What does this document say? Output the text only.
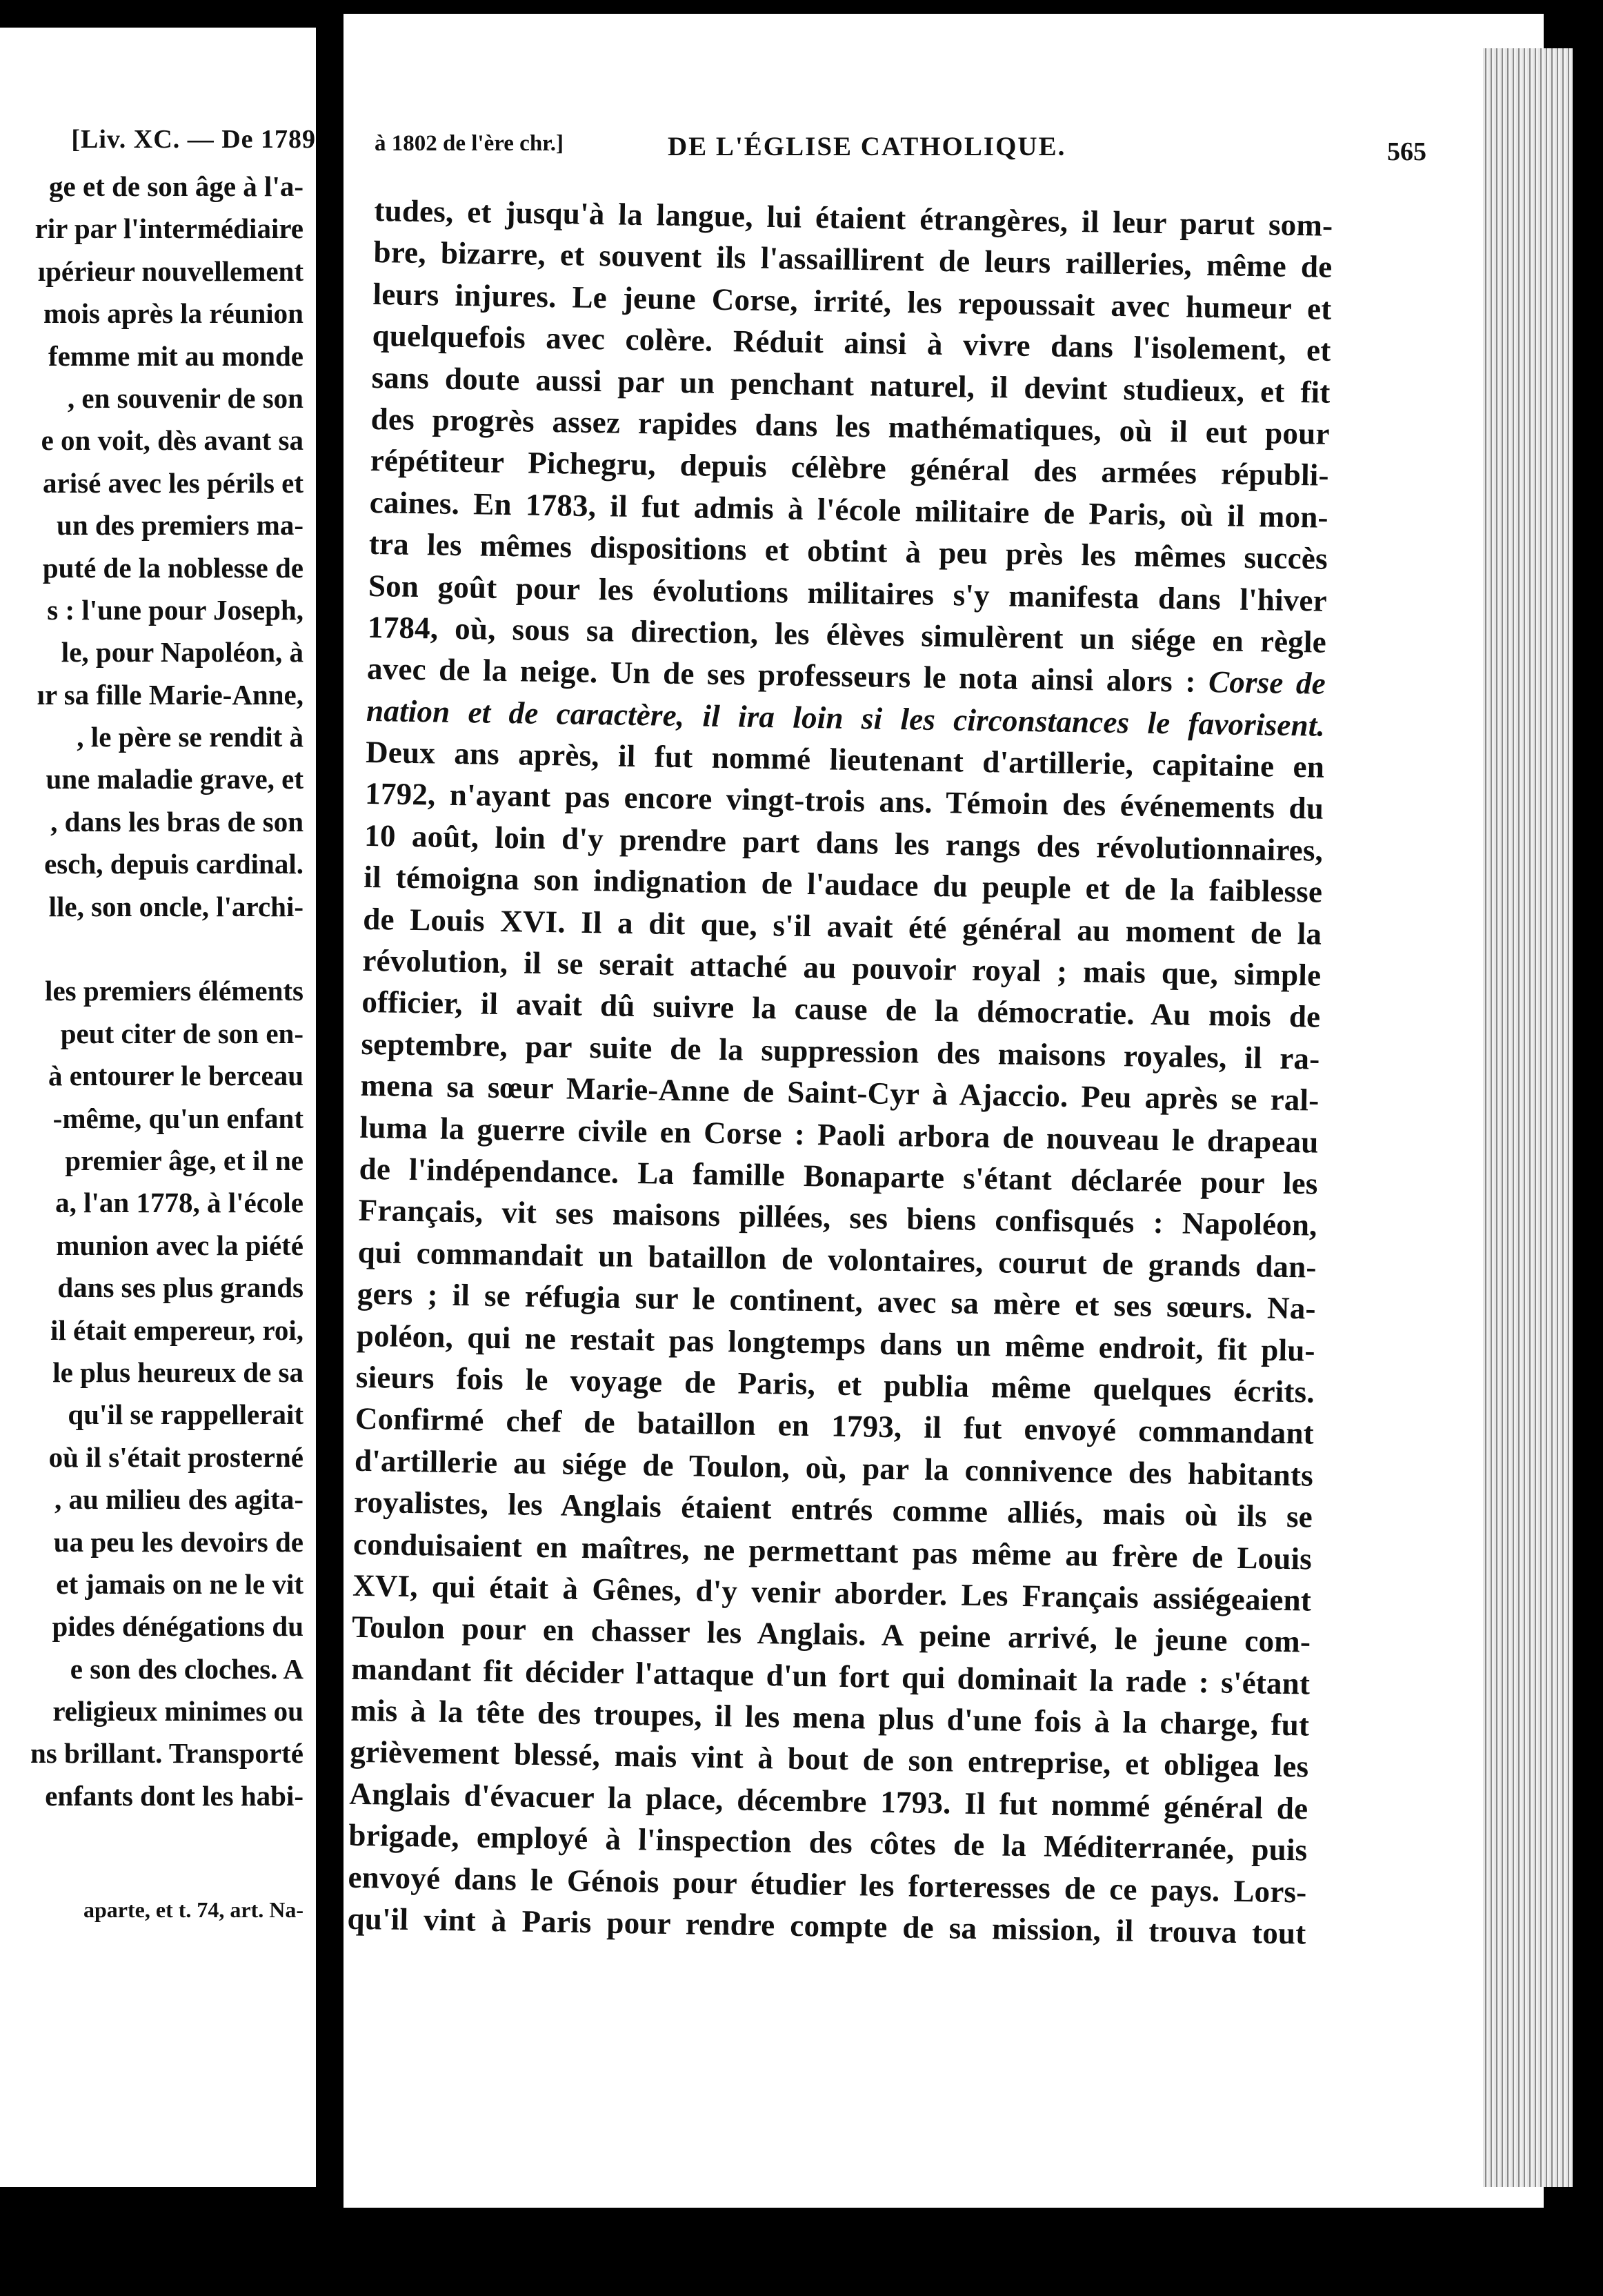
[Liv. XC. — De 1789
ge et de son âge à l'a-
rir par l'intermédiaire
ıpérieur nouvellement
mois après la réunion
femme mit au monde
, en souvenir de son
e on voit, dès avant sa
arisé avec les périls et
un des premiers ma-
puté de la noblesse de
s : l'une pour Joseph,
le, pour Napoléon, à
ır sa fille Marie-Anne,
, le père se rendit à
une maladie grave, et
, dans les bras de son
esch, depuis cardinal.
lle, son oncle, l'archi-
les premiers éléments
peut citer de son en-
à entourer le berceau
-même, qu'un enfant
premier âge, et il ne
a, l'an 1778, à l'école
munion avec la piété
dans ses plus grands
il était empereur, roi,
le plus heureux de sa
qu'il se rappellerait
où il s'était prosterné
, au milieu des agita-
ua peu les devoirs de
et jamais on ne le vit
pides dénégations du
e son des cloches. A
religieux minimes ou
ns brillant. Transporté
enfants dont les habi-
aparte, et t. 74, art. Na-
à 1802 de l'ère chr.]	DE L'ÉGLISE CATHOLIQUE.	565
tudes, et jusqu'à la langue, lui étaient étrangères, il leur parut som-
bre, bizarre, et souvent ils l'assaillirent de leurs railleries, même de
leurs injures. Le jeune Corse, irrité, les repoussait avec humeur et
quelquefois avec colère. Réduit ainsi à vivre dans l'isolement, et
sans doute aussi par un penchant naturel, il devint studieux, et fit
des progrès assez rapides dans les mathématiques, où il eut pour
répétiteur Pichegru, depuis célèbre général des armées républi-
caines. En 1783, il fut admis à l'école militaire de Paris, où il mon-
tra les mêmes dispositions et obtint à peu près les mêmes succès
Son goût pour les évolutions militaires s'y manifesta dans l'hiver
1784, où, sous sa direction, les élèves simulèrent un siége en règle
avec de la neige. Un de ses professeurs le nota ainsi alors : Corse de
nation et de caractère, il ira loin si les circonstances le favorisent.
Deux ans après, il fut nommé lieutenant d'artillerie, capitaine en
1792, n'ayant pas encore vingt-trois ans. Témoin des événements du
10 août, loin d'y prendre part dans les rangs des révolutionnaires,
il témoigna son indignation de l'audace du peuple et de la faiblesse
de Louis XVI. Il a dit que, s'il avait été général au moment de la
révolution, il se serait attaché au pouvoir royal ; mais que, simple
officier, il avait dû suivre la cause de la démocratie. Au mois de
septembre, par suite de la suppression des maisons royales, il ra-
mena sa sœur Marie-Anne de Saint-Cyr à Ajaccio. Peu après se ral-
luma la guerre civile en Corse : Paoli arbora de nouveau le drapeau
de l'indépendance. La famille Bonaparte s'étant déclarée pour les
Français, vit ses maisons pillées, ses biens confisqués : Napoléon,
qui commandait un bataillon de volontaires, courut de grands dan-
gers ; il se réfugia sur le continent, avec sa mère et ses sœurs. Na-
poléon, qui ne restait pas longtemps dans un même endroit, fit plu-
sieurs fois le voyage de Paris, et publia même quelques écrits.
Confirmé chef de bataillon en 1793, il fut envoyé commandant
d'artillerie au siége de Toulon, où, par la connivence des habitants
royalistes, les Anglais étaient entrés comme alliés, mais où ils se
conduisaient en maîtres, ne permettant pas même au frère de Louis
XVI, qui était à Gênes, d'y venir aborder. Les Français assiégeaient
Toulon pour en chasser les Anglais. A peine arrivé, le jeune com-
mandant fit décider l'attaque d'un fort qui dominait la rade : s'étant
mis à la tête des troupes, il les mena plus d'une fois à la charge, fut
grièvement blessé, mais vint à bout de son entreprise, et obligea les
Anglais d'évacuer la place, décembre 1793. Il fut nommé général de
brigade, employé à l'inspection des côtes de la Méditerranée, puis
envoyé dans le Génois pour étudier les forteresses de ce pays. Lors-
qu'il vint à Paris pour rendre compte de sa mission, il trouva tout
